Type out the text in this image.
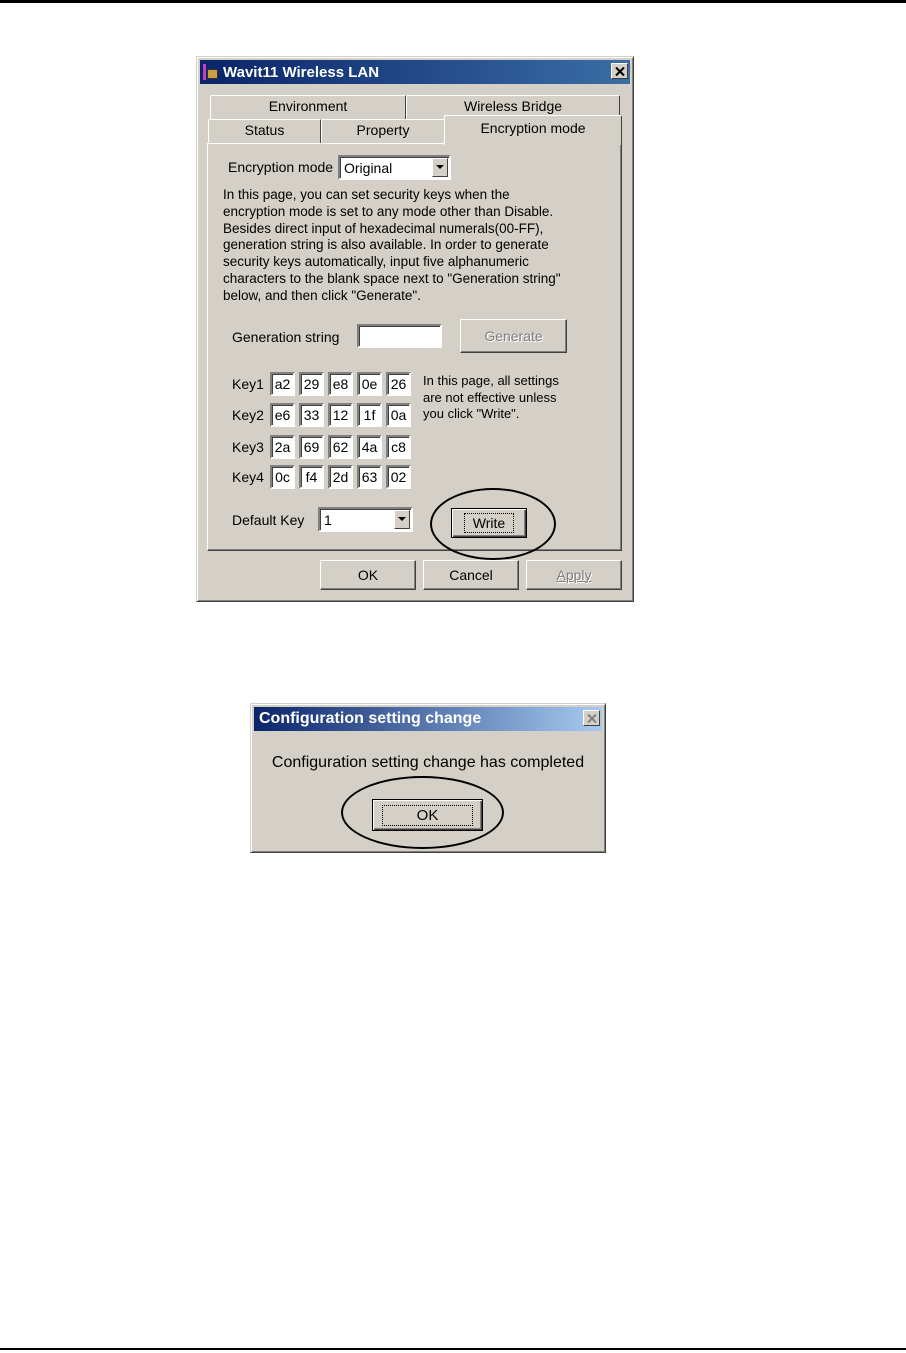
Wavit11 Wireless LAN
Environment	Wireless Bridge
Status	Property	Encryption mode
Encryption mode Original
In this page, you can set security keys when the
encryption mode is set to any mode other than Disable.
Besides direct input of hexadecimal numerals(00-FF),
generation string is also available. In order to generate
security keys automatically, input five alphanumeric
characters to the blank space next to "Generation string"
below, and then click "Generate".
Generation string	Generate
Key1 a2 29 e8 0e 26
Key2 e6 33 12	1f	0a
Key3 2a 69 62 4a c8
Key4 0c	f4	2d 63 02
In this page, all settings
are not effective unless
you click "Write".
Default Key 1	Write
OK	Cancel	Apply
Configuration setting change
Configuration setting change has completed
OK
